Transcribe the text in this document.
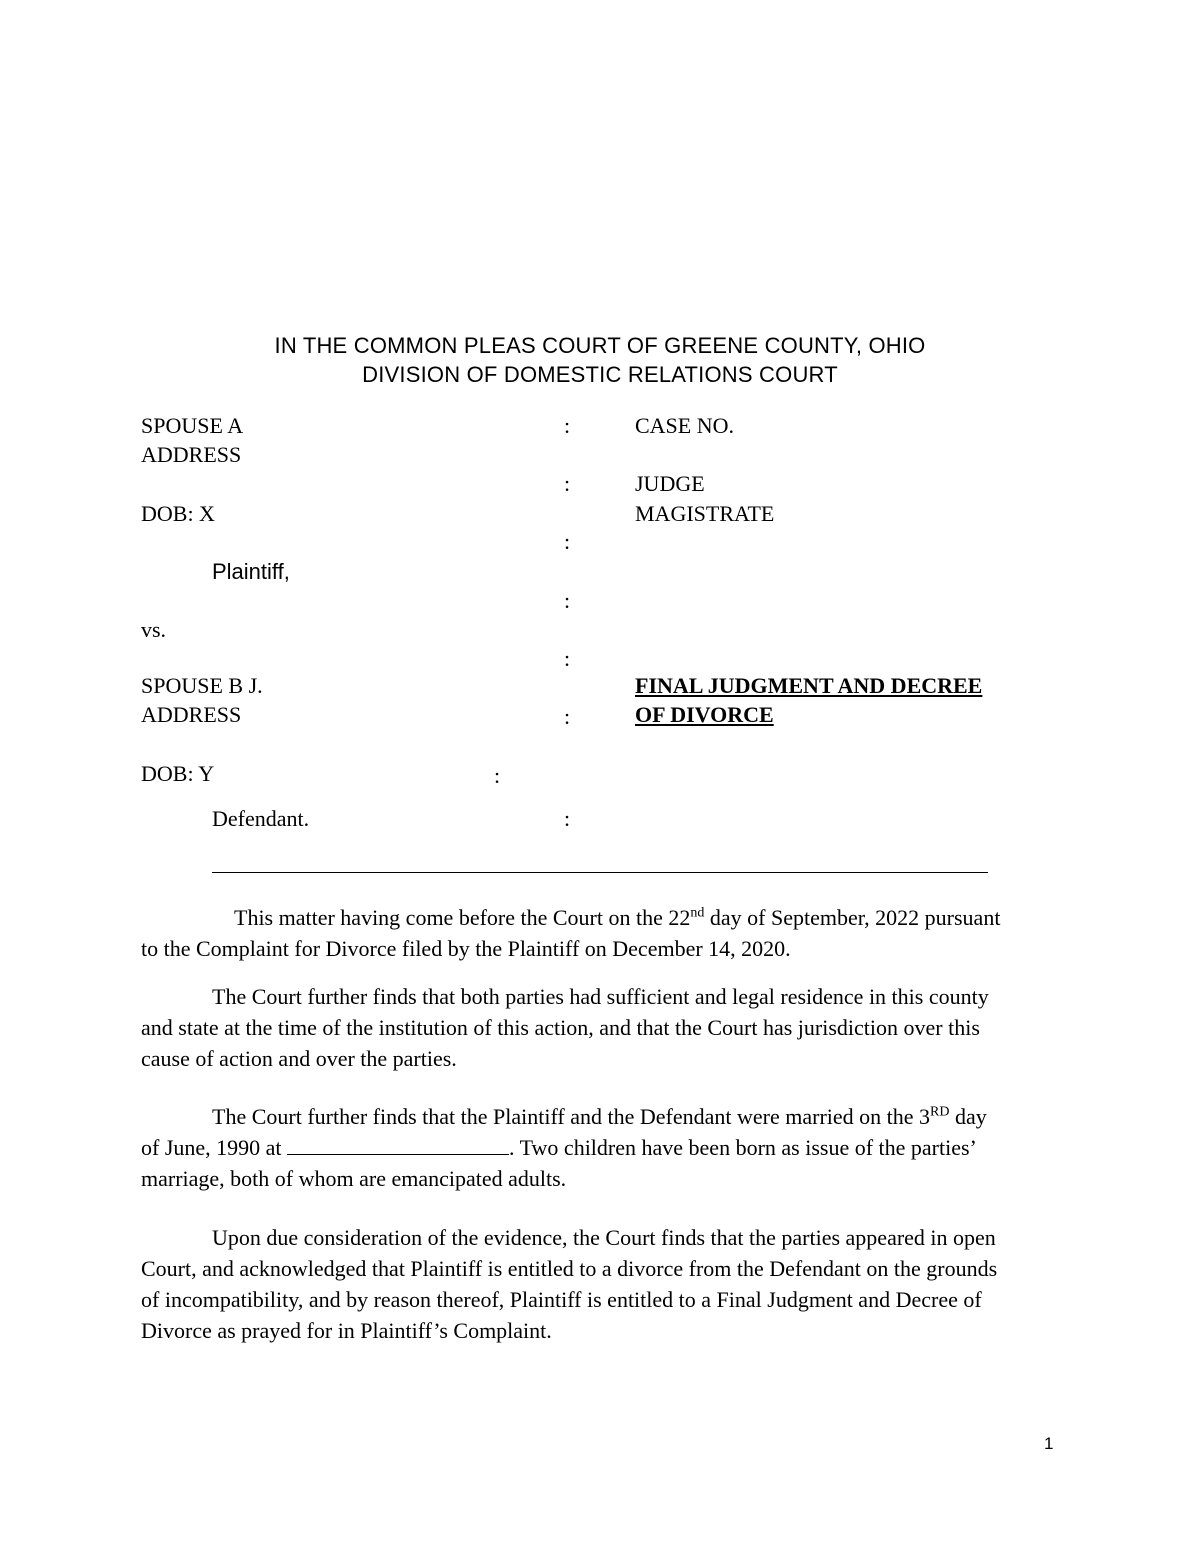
IN THE COMMON PLEAS COURT OF GREENE COUNTY, OHIO
DIVISION OF DOMESTIC RELATIONS COURT
SPOUSE A
ADDRESS
DOB: X
Plaintiff,
vs.
SPOUSE B J.
ADDRESS
DOB: Y
Defendant.
:
:
:
:
:
:
:
:
CASE NO.
JUDGE
MAGISTRATE
FINAL JUDGMENT AND DECREE
OF DIVORCE
This matter having come before the Court on the 22nd day of September, 2022 pursuant
to the Complaint for Divorce filed by the Plaintiff on December 14, 2020.
The Court further finds that both parties had sufficient and legal residence in this county
and state at the time of the institution of this action, and that the Court has jurisdiction over this
cause of action and over the parties.
The Court further finds that the Plaintiff and the Defendant were married on the 3RD day
of June, 1990 at	. Two children have been born as issue of the parties’
marriage, both of whom are emancipated adults.
Upon due consideration of the evidence, the Court finds that the parties appeared in open
Court, and acknowledged that Plaintiff is entitled to a divorce from the Defendant on the grounds
of incompatibility, and by reason thereof, Plaintiff is entitled to a Final Judgment and Decree of
Divorce as prayed for in Plaintiff’s Complaint.
1
